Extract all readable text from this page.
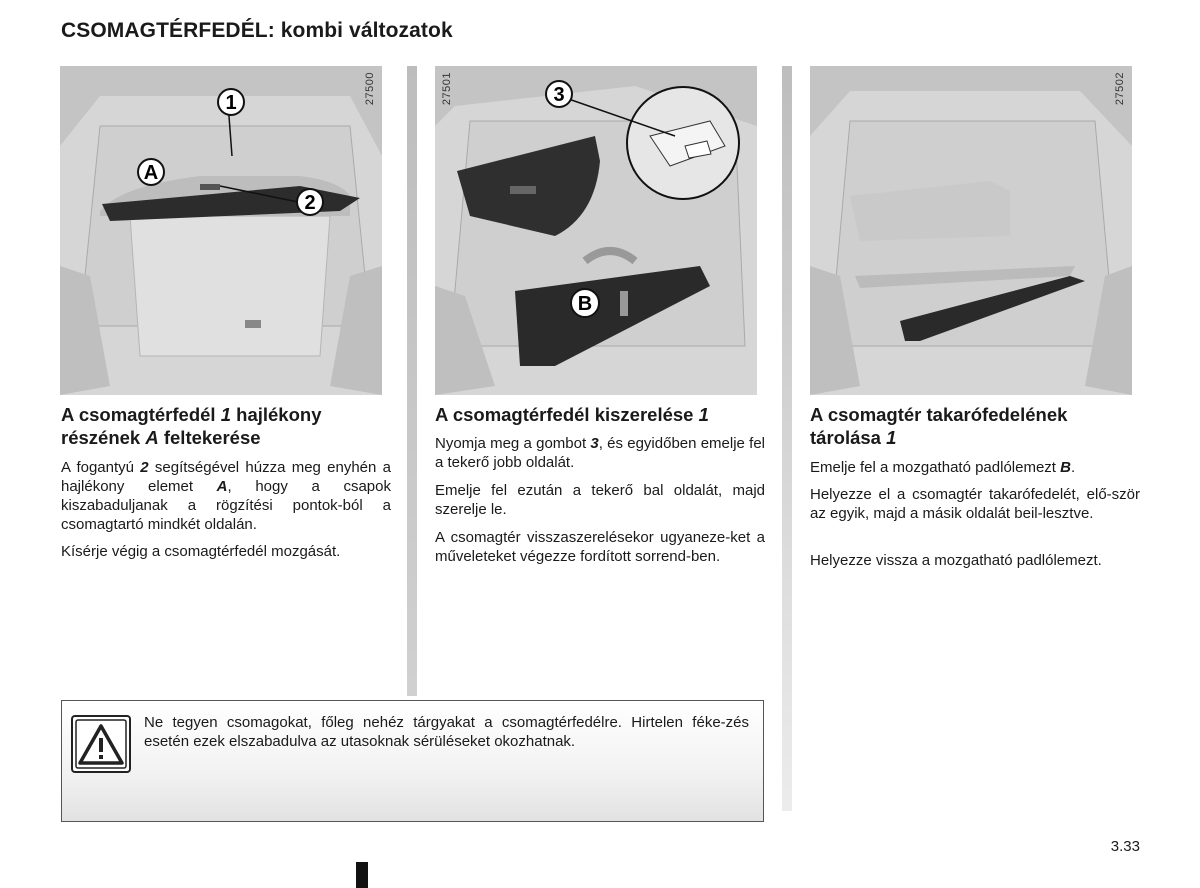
CSOMAGTÉRFEDÉL: kombi változatok
1
A
2
27500	3
B
27501	27502
A csomagtérfedél 1 hajlékony
részének A feltekerése

A fogantyú 2 segítségével húzza meg enyhén a hajlékony elemet A, hogy a csapok kiszabaduljanak a rögzítési pontok-ból a csomagtartó mindkét oldalán.

Kísérje végig a csomagtérfedél mozgását.

A csomagtérfedél kiszerelése 1

Nyomja meg a gombot 3, és egyidőben emelje fel a tekerő jobb oldalát.

Emelje fel ezután a tekerő bal oldalát, majd szerelje le.

A csomagtér visszaszerelésekor ugyaneze-ket a műveleteket végezze fordított sorrend-ben.

A csomagtér takarófedelének
tárolása 1

Emelje fel a mozgatható padlólemezt B.

Helyezze el a csomagtér takarófedelét, elő-ször az egyik, majd a másik oldalát beil-lesztve.

Helyezze vissza a mozgatható padlólemezt.

Ne tegyen csomagokat, főleg nehéz tárgyakat a csomagtérfedélre. Hirtelen féke-zés esetén ezek elszabadulva az utasoknak sérüléseket okozhatnak.
3.33
